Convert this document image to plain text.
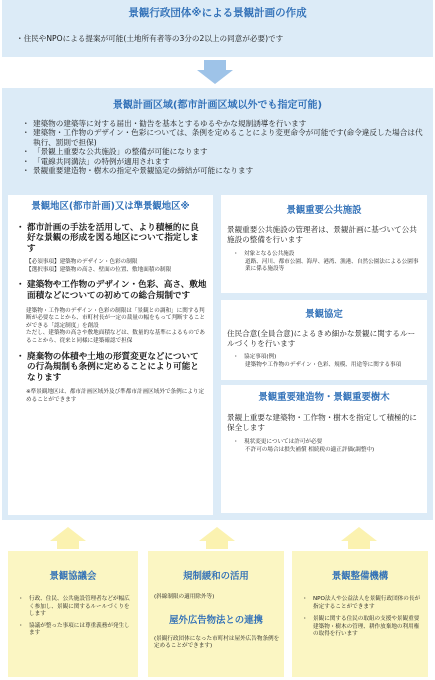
景観行政団体※による景観計画の作成
・住民やNPOによる提案が可能(土地所有者等の3分の2以上の同意が必要)です
景観計画区域(都市計画区域以外でも指定可能)
・ 建築物の建築等に対する届出・勧告を基本とするゆるやかな規制誘導を行います
・ 建築物・工作物のデザイン・色彩については、条例を定めることにより変更命令が可能です(命令違反した場合は代執行、罰則で担保)
・ 「景観上重要な公共施設」の整備が可能になります
・ 「電線共同溝法」の特例が適用されます
・ 景観重要建造物・樹木の指定や景観協定の締結が可能になります
景観地区(都市計画)又は準景観地区※
・ 都市計画の手法を活用して、より積極的に良好な景観の形成を図る地区について指定します
【必須事項】建築物のデザイン・色彩の制限
【選択事項】建築物の高さ、壁面の位置、敷地面積の制限
・ 建築物や工作物のデザイン・色彩、高さ、敷地面積などについての初めての総合規制です
建築物・工作物のデザイン・色彩の制限は「景観との調和」に関する判断が必要なことから、市町村長が一定の裁量の幅をもって判断することができる「認定制度」を創設
ただし、建築物の高さや敷地面積などは、数量的な基準によるものであることから、従来と同様に建築確認で担保
・ 廃棄物の体積や土地の形質変更などについての行為規制も条例に定めることにより可能となります
※準景観地区は、都市計画区域外及び準都市計画区域外で条例により定めることができます
景観重要公共施設
景観重要公共施設の管理者は、景観計画に基づいて公共施設の整備を行います
・ 対象となる公共施設
道路、河川、都市公園、海岸、港湾、漁港、自然公園法による公園事業に係る施設等
景観協定
住民合意(全員合意)によるきめ細かな景観に関するルールづくりを行います
・ 協定事項(例)
建築物や工作物のデザイン・色彩、規模、用途等に関する事項
景観重要建造物・景観重要樹木
景観上重要な建築物・工作物・樹木を指定して積極的に保全します
・ 現状変更については許可が必要
不許可の場合は損失補償 相続税の適正評価(調整中)
景観協議会
・ 行政、住民、公共施設管理者などが幅広く参加し、景観に関するルールづくりをします
・ 協議が整った事項には尊重義務が発生します
規制緩和の活用
(斜線制限の適用除外等)
屋外広告物法との連携
(景観行政団体になった市町村は屋外広告物条例を定めることができます)
景観整備機構
・ NPO法人や公益法人を景観行政団体の長が指定することができます
・ 景観に関する住民の取組の支援や景観重要建築物・樹木の管理、耕作放棄地の利用権の取得を行います
